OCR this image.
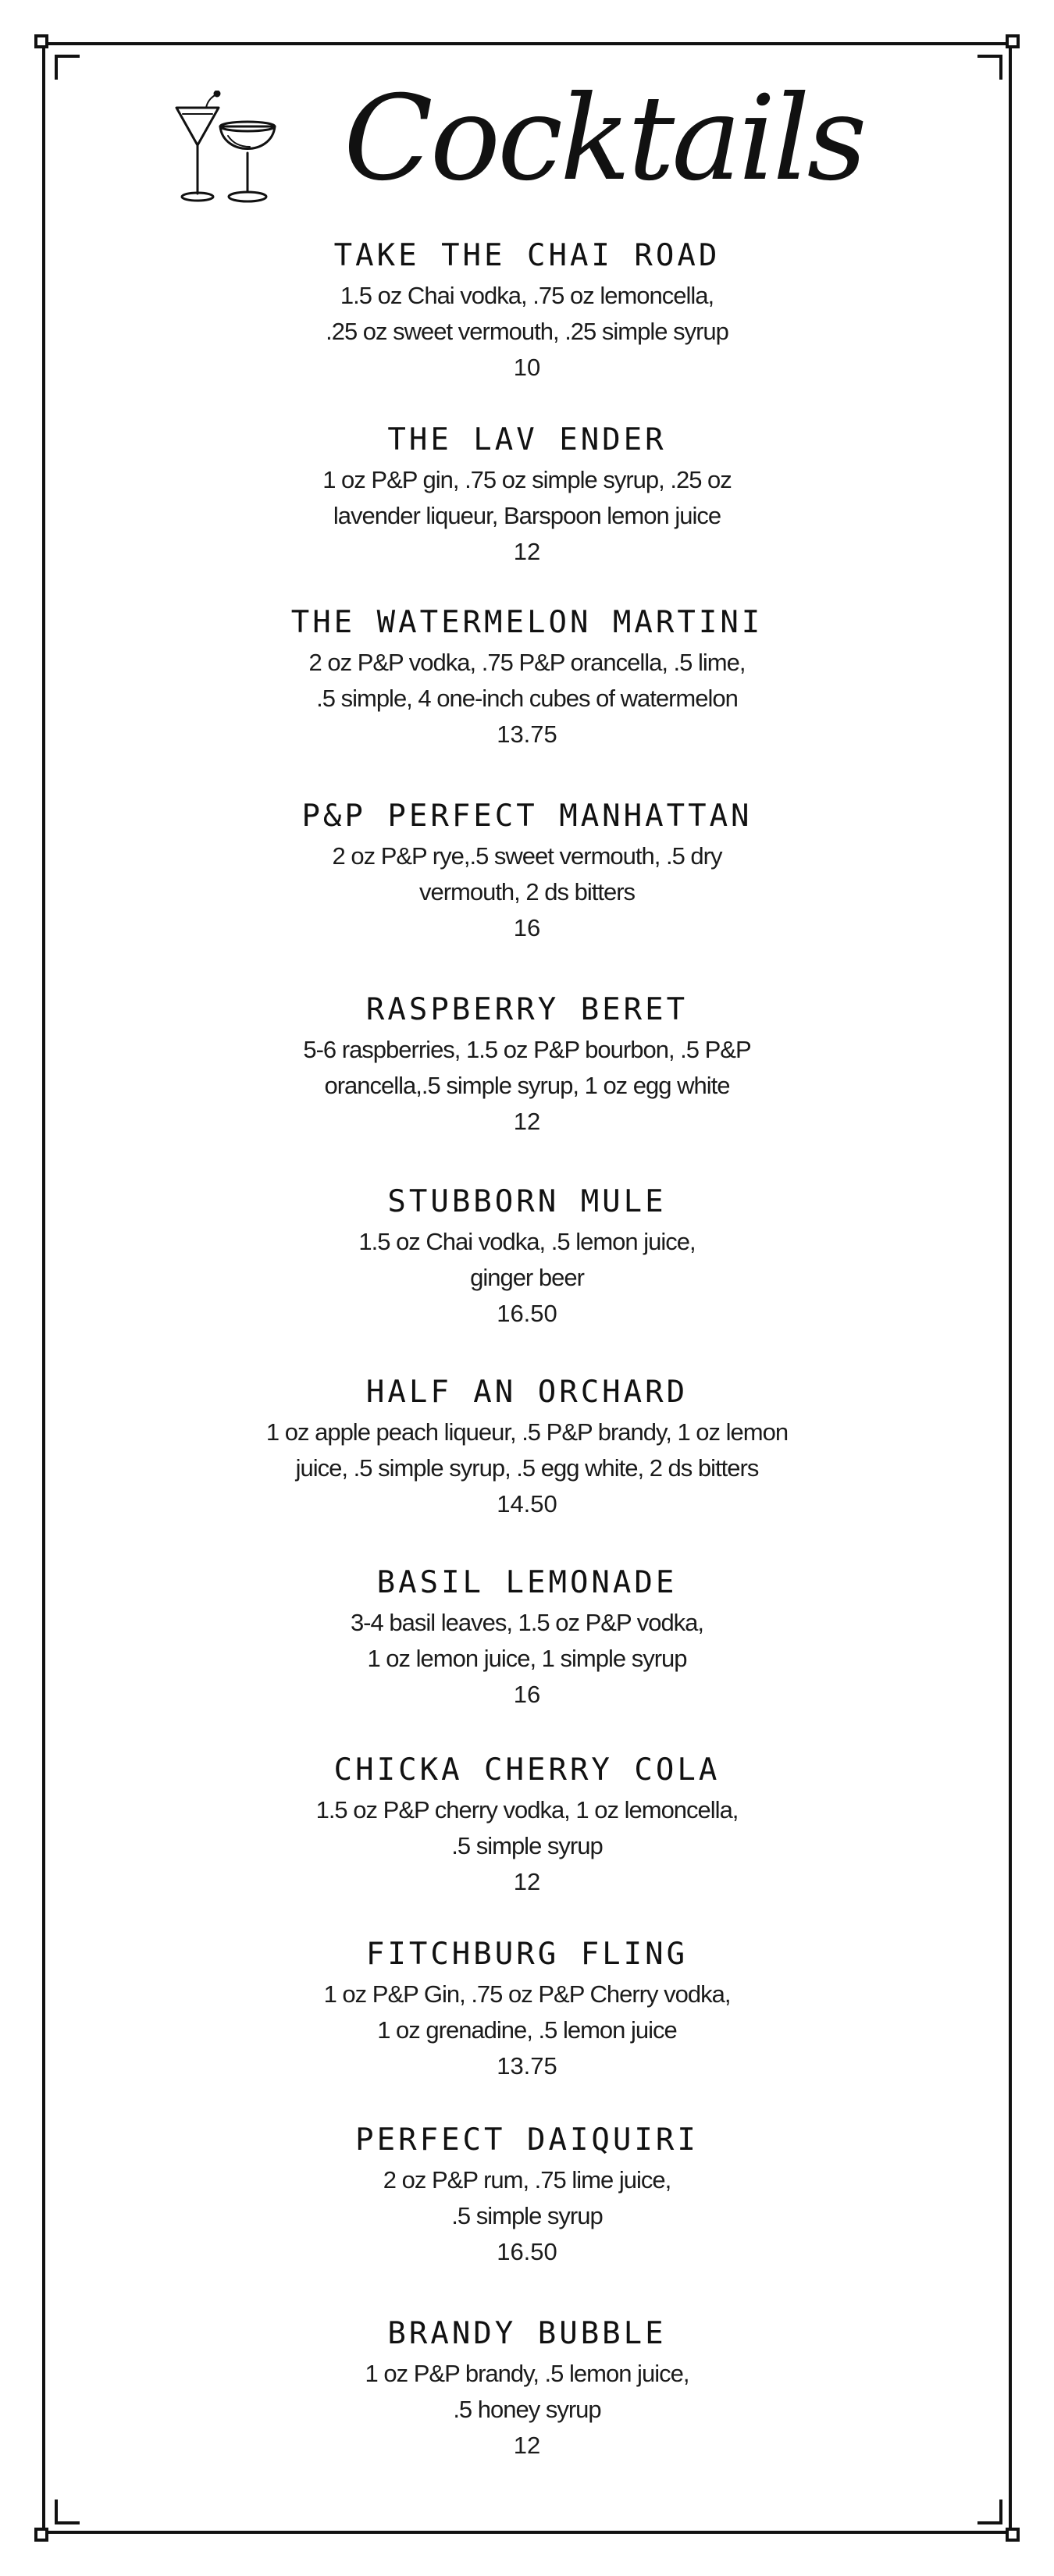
Cocktails
TAKE THE CHAI ROAD
1.5 oz Chai vodka, .75 oz lemoncella,
.25 oz sweet vermouth, .25 simple syrup
10
THE LAV ENDER
1 oz P&P gin, .75 oz simple syrup, .25 oz
lavender liqueur, Barspoon lemon juice
12
THE WATERMELON MARTINI
2 oz P&P vodka, .75 P&P orancella, .5 lime,
.5 simple, 4 one-inch cubes of watermelon
13.75
P&P PERFECT MANHATTAN
2 oz P&P rye,.5 sweet vermouth, .5 dry
vermouth, 2 ds bitters
16
RASPBERRY BERET
5-6 raspberries, 1.5 oz P&P bourbon, .5 P&P
orancella,.5 simple syrup, 1 oz egg white
12
STUBBORN MULE
1.5 oz Chai vodka, .5 lemon juice,
ginger beer
16.50
HALF AN ORCHARD
1 oz apple peach liqueur, .5 P&P brandy, 1 oz lemon
juice, .5 simple syrup, .5 egg white, 2 ds bitters
14.50
BASIL LEMONADE
3-4 basil leaves, 1.5 oz P&P vodka,
1 oz lemon juice, 1 simple syrup
16
CHICKA CHERRY COLA
1.5 oz P&P cherry vodka, 1 oz lemoncella,
.5 simple syrup
12
FITCHBURG FLING
1 oz P&P Gin, .75 oz P&P Cherry vodka,
1 oz grenadine, .5 lemon juice
13.75
PERFECT DAIQUIRI
2 oz P&P rum, .75 lime juice,
.5 simple syrup
16.50
BRANDY BUBBLE
1 oz P&P brandy, .5 lemon juice,
.5 honey syrup
12
